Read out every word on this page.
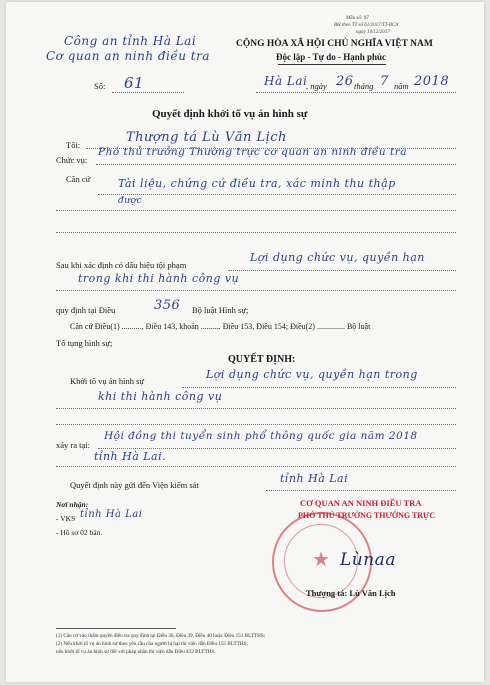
Mẫu số: 97
BH theo TT số 61/2017/TT-BCA
ngày 14/12/2017
Công an tỉnh Hà Lai
Cơ quan an ninh điều tra
CỘNG HÒA XÃ HỘI CHỦ NGHĨA VIỆT NAM
Độc lập - Tự do - Hạnh phúc
Số: 61	Hà Lai
, ngày 26 tháng 7 năm 2018
Quyết định khởi tố vụ án hình sự
Tôi:	Thượng tá Lù Văn Lịch
Chức vụ:
Phó thủ trưởng Thường trực cơ quan an ninh điều tra
Căn cứ	Tài liệu, chứng cứ điều tra, xác minh thu thập
được
Sau khi xác định có dấu hiệu tội phạm
Lợi dụng chức vụ, quyền hạn
trong khi thi hành công vụ
quy định tại Điều	356 Bộ luật Hình sự;
Căn cứ Điều(1) .........., Điều 143, khoản .......... Điều 153, Điều 154; Điều(2) .............. Bộ luật
Tố tụng hình sự;
QUYẾT ĐỊNH:
Khởi tố vụ án hình sự	Lợi dụng chức vụ, quyền hạn trong
khi thi hành công vụ
xảy ra tại:
Hội đồng thi tuyển sinh phổ thông quốc gia năm 2018
tỉnh Hà Lai.
Quyết định này gửi đến Viện kiểm sát	tỉnh Hà Lai
Nơi nhận:
- VKS tỉnh Hà Lai
- Hồ sơ 02 bản.
CƠ QUAN AN NINH ĐIỀU TRA
PHÓ THỦ TRƯỞNG THƯỜNG TRỰC
★ Lùnaa
Thượng tá: Lù Văn Lịch
(1) Căn cứ vào thẩm quyền điều tra quy định tại Điều 36, Điều 39, Điều 40 hoặc Điều 151 BLTTHS;
(2) Nếu khởi tố vụ án hình sự theo yêu cầu của người bị hại thì viện dẫn Điều 155 BLTTHS;
nếu khởi tố vụ án hình sự đối với pháp nhân thì viện dẫn Điều 432 BLTTHS.
